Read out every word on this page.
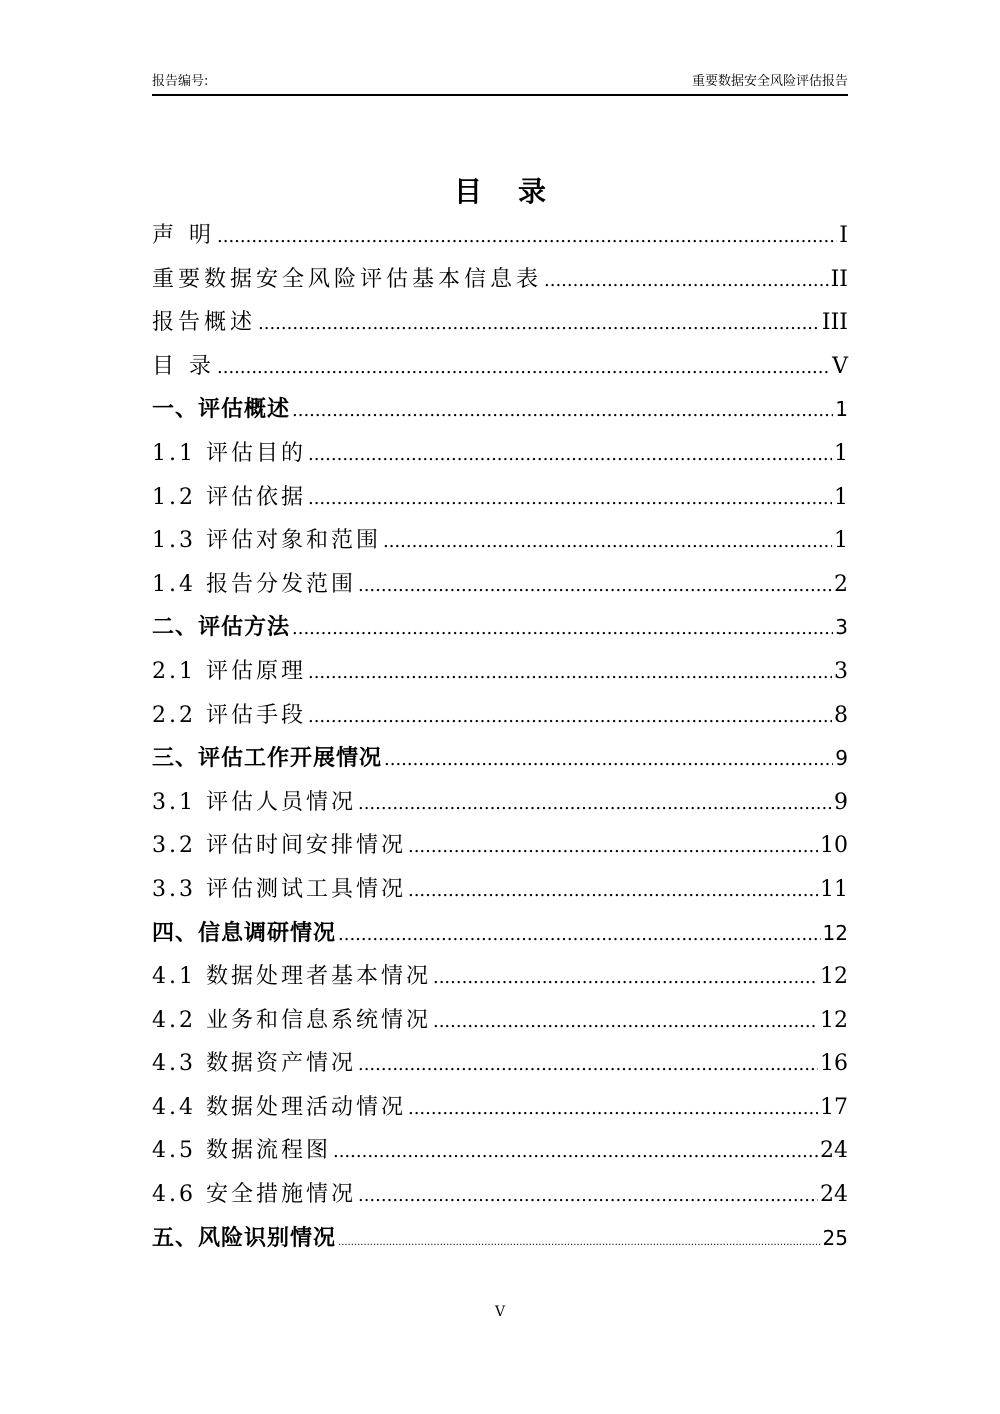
报告编号:	重要数据安全风险评估报告
目录
声 明 .....	I
重要数据安全风险评估基本信息表 .....	II
报告概述 .....	III
目 录 .....	V
一、评估概述 .....	1
1.1 评估目的 .....	1
1.2 评估依据 .....	1
1.3 评估对象和范围 .....	1
1.4 报告分发范围 .....	2
二、评估方法 .....	3
2.1 评估原理 .....	3
2.2 评估手段 .....	8
三、评估工作开展情况 .....	9
3.1 评估人员情况 .....	9
3.2 评估时间安排情况 .....	10
3.3 评估测试工具情况 .....	11
四、信息调研情况 .....	12
4.1 数据处理者基本情况 .....	12
4.2 业务和信息系统情况 .....	12
4.3 数据资产情况 .....	16
4.4 数据处理活动情况 .....	17
4.5 数据流程图 .....	24
4.6 安全措施情况 .....	24
五、风险识别情况 .....	25
V
